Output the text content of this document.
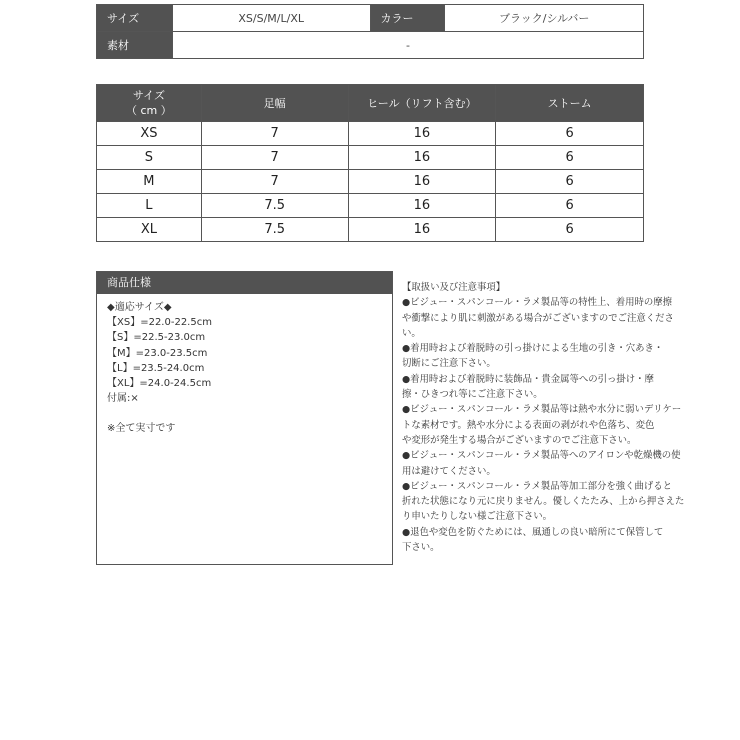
サイズ	XS/S/M/L/XL	カラー	ブラック/シルバー
素材	-		
サイズ
（ cm ）	足幅	ヒール（リフト含む）	ストーム
XS	7	16	6
S	7	16	6
M	7	16	6
L	7.5	16	6
XL	7.5	16	6
商品仕様
◆適応サイズ◆
【XS】=22.0-22.5cm
【S】=22.5-23.0cm
【M】=23.0-23.5cm
【L】=23.5-24.0cm
【XL】=24.0-24.5cm
付属:×
※全て実寸です
【取扱い及び注意事項】
●ビジュー・スパンコール・ラメ製品等の特性上、着用時の摩擦
や衝撃により肌に刺激がある場合がございますのでご注意くださ
い。
●着用時および着脱時の引っ掛けによる生地の引き・穴あき・
切断にご注意下さい。
●着用時および着脱時に装飾品・貴金属等への引っ掛け・摩
擦・ひきつれ等にご注意下さい。
●ビジュー・スパンコール・ラメ製品等は熱や水分に弱いデリケー
トな素材です。熱や水分による表面の剥がれや色落ち、変色
や変形が発生する場合がございますのでご注意下さい。
●ビジュー・スパンコール・ラメ製品等へのアイロンや乾燥機の使
用は避けてください。
●ビジュー・スパンコール・ラメ製品等加工部分を強く曲げると
折れた状態になり元に戻りません。優しくたたみ、上から押さえた
り申いたりしない様ご注意下さい。
●退色や変色を防ぐためには、風通しの良い暗所にて保管して
下さい。
